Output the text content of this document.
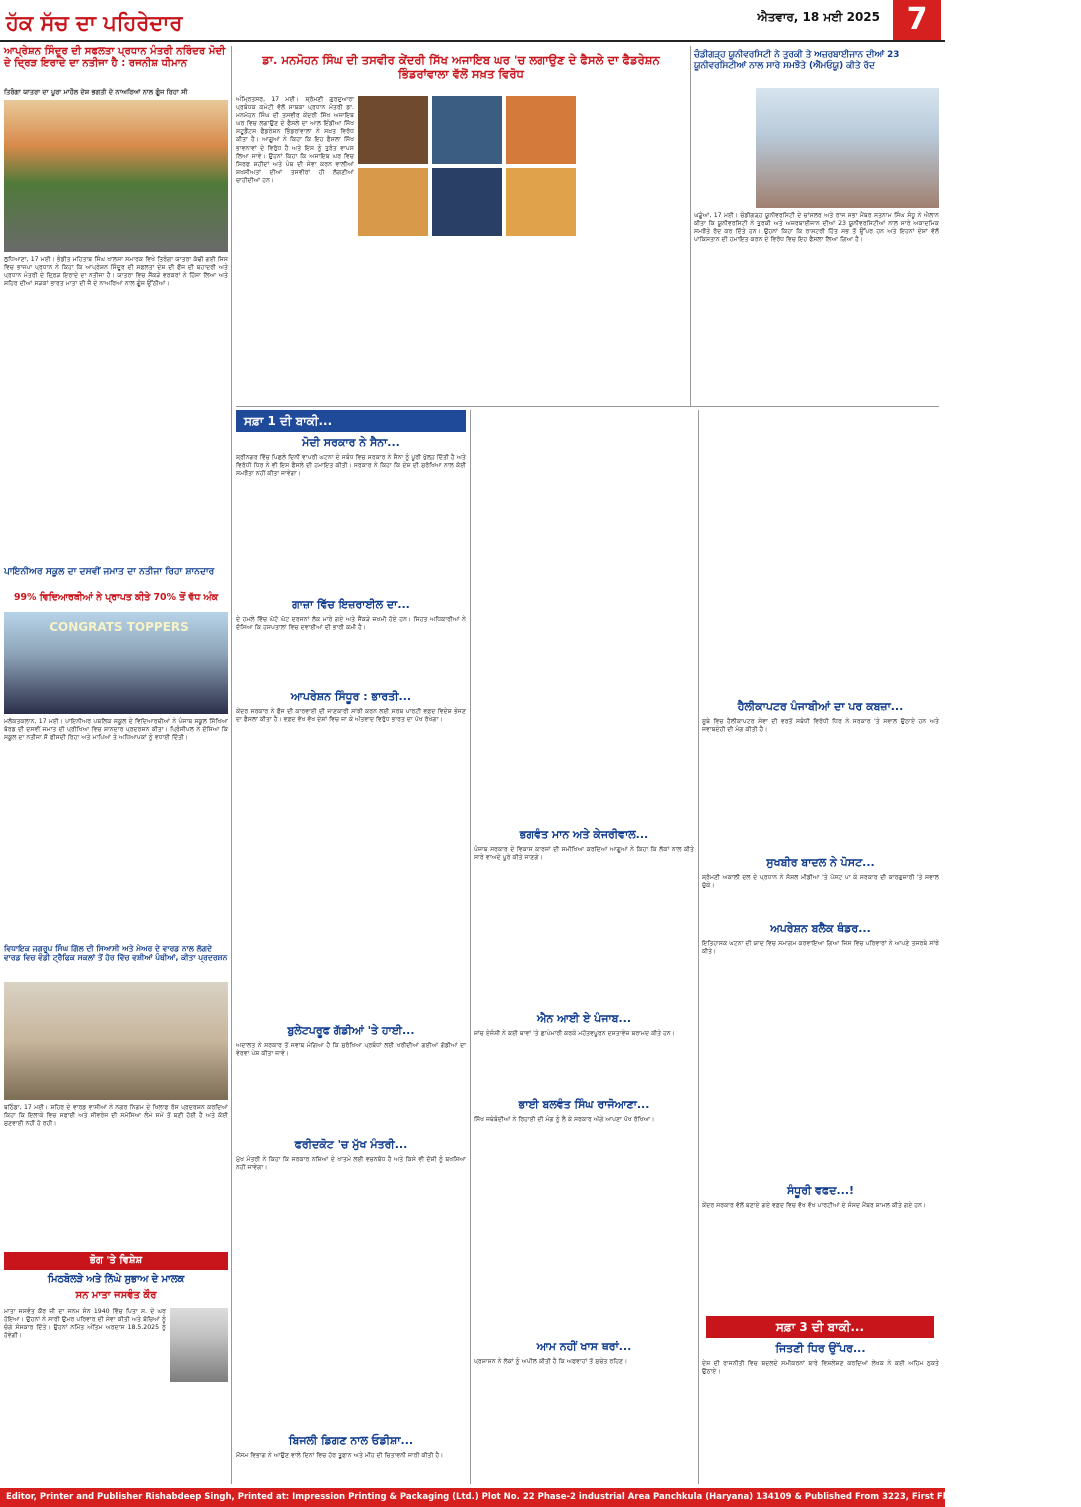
ਹੱਕ ਸੱਚ ਦਾ ਪਹਿਰੇਦਾਰ	ਐਤਵਾਰ, 18 ਮਈ 2025 7
ਆਪ੍ਰੇਸ਼ਨ ਸਿੰਦੂਰ ਦੀ ਸਫਲਤਾ ਪ੍ਰਧਾਨ ਮੰਤਰੀ ਨਰਿੰਦਰ ਮੋਦੀ ਦੇ ਦ੍ਰਿੜ ਇਰਾਦੇ ਦਾ ਨਤੀਜਾ ਹੈ : ਰਜਨੀਸ਼ ਧੀਮਾਨ
ਤਿਰੰਗਾ ਯਾਤਰਾ ਦਾ ਪੂਰਾ ਮਾਹੌਲ ਦੇਸ਼ ਭਗਤੀ ਦੇ ਨਾਅਰਿਆਂ ਨਾਲ ਗੂੰਜ ਰਿਹਾ ਸੀ
ਲੁਧਿਆਣਾ, 17 ਮਈ। ਭੰਡੀਤ ਮਹਿਤਾਬ ਸਿੰਘ ਖਾਲਸਾ ਸਮਾਰਕ ਵਿਖੇ ਤਿਰੰਗਾ ਯਾਤਰਾ ਕੱਢੀ ਗਈ ਜਿਸ ਵਿਚ ਭਾਜਪਾ ਪ੍ਰਧਾਨ ਨੇ ਕਿਹਾ ਕਿ ਆਪ੍ਰੇਸ਼ਨ ਸਿੰਦੂਰ ਦੀ ਸਫਲਤਾ ਦੇਸ਼ ਦੀ ਫੌਜ ਦੀ ਬਹਾਦਰੀ ਅਤੇ ਪ੍ਰਧਾਨ ਮੰਤਰੀ ਦੇ ਦ੍ਰਿੜ ਇਰਾਦੇ ਦਾ ਨਤੀਜਾ ਹੈ। ਯਾਤਰਾ ਵਿਚ ਸੈਂਕੜੇ ਵਰਕਰਾਂ ਨੇ ਹਿੱਸਾ ਲਿਆ ਅਤੇ ਸ਼ਹਿਰ ਦੀਆਂ ਸੜਕਾਂ ਭਾਰਤ ਮਾਤਾ ਦੀ ਜੈ ਦੇ ਨਾਅਰਿਆਂ ਨਾਲ ਗੂੰਜ ਉੱਠੀਆਂ।
ਪਾਇਨੀਅਰ ਸਕੂਲ ਦਾ ਦਸਵੀਂ ਜਮਾਤ ਦਾ ਨਤੀਜਾ ਰਿਹਾ ਸ਼ਾਨਦਾਰ
99% ਵਿਦਿਆਰਥੀਆਂ ਨੇ ਪ੍ਰਾਪਤ ਕੀਤੇ 70% ਤੋਂ ਵੱਧ ਅੰਕ
CONGRATS TOPPERS
ਮਲੋਕਤਕਲਾਨ, 17 ਮਈ। ਪਾਇਨੀਅਰ ਪਬਲਿਕ ਸਕੂਲ ਦੇ ਵਿਦਿਆਰਥੀਆਂ ਨੇ ਪੰਜਾਬ ਸਕੂਲ ਸਿੱਖਿਆ ਬੋਰਡ ਦੀ ਦਸਵੀਂ ਜਮਾਤ ਦੀ ਪ੍ਰੀਖਿਆ ਵਿਚ ਸ਼ਾਨਦਾਰ ਪ੍ਰਦਰਸ਼ਨ ਕੀਤਾ। ਪ੍ਰਿੰਸੀਪਲ ਨੇ ਦੱਸਿਆ ਕਿ ਸਕੂਲ ਦਾ ਨਤੀਜਾ ਸੌ ਫੀਸਦੀ ਰਿਹਾ ਅਤੇ ਮਾਪਿਆਂ ਤੇ ਅਧਿਆਪਕਾਂ ਨੂੰ ਵਧਾਈ ਦਿੱਤੀ।
ਵਿਧਾਇਕ ਜਗਰੂਪ ਸਿੰਘ ਗਿੱਲ ਦੀ ਸਿਆਸੀ ਅਤੇ ਮੇਅਰ ਦੇ ਵਾਰਡ ਨਾਲ ਲੱਗਦੇ ਵਾਰਡ ਵਿਚ ਵੰਡੀ ਟ੍ਰੈਫਿਕ ਸਕਲਾਂ ਤੋਂ ਹੋਰ ਵਿੱਚ ਵਸ਼ੀਆਂ ਪੰਥੀਆਂ, ਕੀਤਾ ਪ੍ਰਦਰਸ਼ਨ
ਬਠਿੰਡਾ, 17 ਮਈ। ਸ਼ਹਿਰ ਦੇ ਵਾਰਡ ਵਾਸੀਆਂ ਨੇ ਨਗਰ ਨਿਗਮ ਦੇ ਖਿਲਾਫ ਰੋਸ ਪ੍ਰਦਰਸ਼ਨ ਕਰਦਿਆਂ ਕਿਹਾ ਕਿ ਇਲਾਕੇ ਵਿਚ ਸਫਾਈ ਅਤੇ ਸੀਵਰੇਜ ਦੀ ਸਮੱਸਿਆ ਲੰਮੇ ਸਮੇਂ ਤੋਂ ਬਣੀ ਹੋਈ ਹੈ ਅਤੇ ਕੋਈ ਸੁਣਵਾਈ ਨਹੀਂ ਹੋ ਰਹੀ।
ਭੋਗ 'ਤੇ ਵਿਸ਼ੇਸ਼
ਮਿਠਬੋਲੜੇ ਅਤੇ ਨਿੱਘੇ ਸੁਭਾਅ ਦੇ ਮਾਲਕ
ਸਨ ਮਾਤਾ ਜਸਵੰਤ ਕੌਰ
ਮਾਤਾ ਜਸਵੰਤ ਕੌਰ ਜੀ ਦਾ ਜਨਮ ਸੰਨ 1940 ਵਿੱਚ ਪਿਤਾ ਸ. ਦੇ ਘਰ ਹੋਇਆ। ਉਹਨਾਂ ਨੇ ਸਾਰੀ ਉਮਰ ਪਰਿਵਾਰ ਦੀ ਸੇਵਾ ਕੀਤੀ ਅਤੇ ਬੱਚਿਆਂ ਨੂੰ ਚੰਗੇ ਸੰਸਕਾਰ ਦਿੱਤੇ। ਉਹਨਾਂ ਨਮਿੱਤ ਅੰਤਿਮ ਅਰਦਾਸ 18.5.2025 ਨੂੰ ਹੋਵੇਗੀ।
ਡਾ. ਮਨਮੋਹਨ ਸਿੰਘ ਦੀ ਤਸਵੀਰ ਕੇਂਦਰੀ ਸਿੱਖ ਅਜਾਇਬ ਘਰ 'ਚ ਲਗਾਉਣ ਦੇ ਫੈਸਲੇ ਦਾ ਫੈਡਰੇਸ਼ਨ ਭਿੰਡਰਾਂਵਾਲਾ ਵੱਲੋਂ ਸਖ਼ਤ ਵਿਰੋਧ
ਅੰਮ੍ਰਿਤਸਰ, 17 ਮਈ। ਸ਼੍ਰੋਮਣੀ ਗੁਰਦੁਆਰਾ ਪ੍ਰਬੰਧਕ ਕਮੇਟੀ ਵੱਲੋਂ ਸਾਬਕਾ ਪ੍ਰਧਾਨ ਮੰਤਰੀ ਡਾ. ਮਨਮੋਹਨ ਸਿੰਘ ਦੀ ਤਸਵੀਰ ਕੇਂਦਰੀ ਸਿੱਖ ਅਜਾਇਬ ਘਰ ਵਿਚ ਲਗਾਉਣ ਦੇ ਫੈਸਲੇ ਦਾ ਆਲ ਇੰਡੀਆ ਸਿੱਖ ਸਟੂਡੈਂਟਸ ਫੈਡਰੇਸ਼ਨ ਭਿੰਡਰਾਂਵਾਲਾ ਨੇ ਸਖ਼ਤ ਵਿਰੋਧ ਕੀਤਾ ਹੈ। ਆਗੂਆਂ ਨੇ ਕਿਹਾ ਕਿ ਇਹ ਫੈਸਲਾ ਸਿੱਖ ਭਾਵਨਾਵਾਂ ਦੇ ਵਿਰੁੱਧ ਹੈ ਅਤੇ ਇਸ ਨੂੰ ਤੁਰੰਤ ਵਾਪਸ ਲਿਆ ਜਾਵੇ। ਉਹਨਾਂ ਕਿਹਾ ਕਿ ਅਜਾਇਬ ਘਰ ਵਿਚ ਸਿਰਫ ਸ਼ਹੀਦਾਂ ਅਤੇ ਪੰਥ ਦੀ ਸੇਵਾ ਕਰਨ ਵਾਲੀਆਂ ਸ਼ਖਸੀਅਤਾਂ ਦੀਆਂ ਤਸਵੀਰਾਂ ਹੀ ਲੱਗਣੀਆਂ ਚਾਹੀਦੀਆਂ ਹਨ।
ਚੰਡੀਗੜ੍ਹ ਯੂਨੀਵਰਸਿਟੀ ਨੇ ਤੁਰਕੀ ਤੇ ਅਜ਼ਰਬਾਈਜਾਨ ਦੀਆਂ 23 ਯੂਨੀਵਰਸਿਟੀਆਂ ਨਾਲ ਸਾਰੇ ਸਮਝੌਤੇ (ਐੱਮਓਯੂ) ਕੀਤੇ ਰੱਦ
ਘੜੂੰਆਂ, 17 ਮਈ। ਚੰਡੀਗੜ੍ਹ ਯੂਨੀਵਰਸਿਟੀ ਦੇ ਚਾਂਸਲਰ ਅਤੇ ਰਾਜ ਸਭਾ ਮੈਂਬਰ ਸਤਨਾਮ ਸਿੰਘ ਸੰਧੂ ਨੇ ਐਲਾਨ ਕੀਤਾ ਕਿ ਯੂਨੀਵਰਸਿਟੀ ਨੇ ਤੁਰਕੀ ਅਤੇ ਅਜ਼ਰਬਾਈਜਾਨ ਦੀਆਂ 23 ਯੂਨੀਵਰਸਿਟੀਆਂ ਨਾਲ ਸਾਰੇ ਅਕਾਦਮਿਕ ਸਮਝੌਤੇ ਰੱਦ ਕਰ ਦਿੱਤੇ ਹਨ। ਉਹਨਾਂ ਕਿਹਾ ਕਿ ਰਾਸ਼ਟਰੀ ਹਿੱਤ ਸਭ ਤੋਂ ਉੱਪਰ ਹਨ ਅਤੇ ਇਹਨਾਂ ਦੇਸ਼ਾਂ ਵੱਲੋਂ ਪਾਕਿਸਤਾਨ ਦੀ ਹਮਾਇਤ ਕਰਨ ਦੇ ਵਿਰੋਧ ਵਿਚ ਇਹ ਫੈਸਲਾ ਲਿਆ ਗਿਆ ਹੈ।
ਸਫ਼ਾ 1 ਦੀ ਬਾਕੀ...
ਮੋਦੀ ਸਰਕਾਰ ਨੇ ਸੈਨਾ...
ਸ਼੍ਰੀਨਗਰ ਵਿੱਚ ਪਿਛਲੇ ਦਿਨੀਂ ਵਾਪਰੀ ਘਟਨਾ ਦੇ ਸਬੰਧ ਵਿਚ ਸਰਕਾਰ ਨੇ ਸੈਨਾ ਨੂੰ ਪੂਰੀ ਖੁੱਲ੍ਹ ਦਿੱਤੀ ਹੈ ਅਤੇ ਵਿਰੋਧੀ ਧਿਰ ਨੇ ਵੀ ਇਸ ਫੈਸਲੇ ਦੀ ਹਮਾਇਤ ਕੀਤੀ। ਸਰਕਾਰ ਨੇ ਕਿਹਾ ਕਿ ਦੇਸ਼ ਦੀ ਸੁਰੱਖਿਆ ਨਾਲ ਕੋਈ ਸਮਝੌਤਾ ਨਹੀਂ ਕੀਤਾ ਜਾਵੇਗਾ।
ਗਾਜ਼ਾ ਵਿੱਚ ਇਜ਼ਰਾਈਲ ਦਾ...
ਦੇ ਹਮਲੇ ਵਿੱਚ ਘੱਟੋ ਘੱਟ ਦਰਜਨਾਂ ਲੋਕ ਮਾਰੇ ਗਏ ਅਤੇ ਸੈਂਕੜੇ ਜ਼ਖਮੀ ਹੋਏ ਹਨ। ਸਿਹਤ ਅਧਿਕਾਰੀਆਂ ਨੇ ਦੱਸਿਆ ਕਿ ਹਸਪਤਾਲਾਂ ਵਿਚ ਦਵਾਈਆਂ ਦੀ ਭਾਰੀ ਕਮੀ ਹੈ।
ਆਪਰੇਸ਼ਨ ਸਿੰਧੂਰ : ਭਾਰਤੀ...
ਕੇਂਦਰ ਸਰਕਾਰ ਨੇ ਫੌਜ ਦੀ ਕਾਰਵਾਈ ਦੀ ਜਾਣਕਾਰੀ ਸਾਂਝੀ ਕਰਨ ਲਈ ਸਰਬ ਪਾਰਟੀ ਵਫ਼ਦ ਵਿਦੇਸ਼ ਭੇਜਣ ਦਾ ਫੈਸਲਾ ਕੀਤਾ ਹੈ। ਵਫ਼ਦ ਵੱਖ ਵੱਖ ਦੇਸ਼ਾਂ ਵਿਚ ਜਾ ਕੇ ਅੱਤਵਾਦ ਵਿਰੁੱਧ ਭਾਰਤ ਦਾ ਪੱਖ ਰੱਖੇਗਾ।
ਬੁਲੇਟਪਰੂਫ ਗੱਡੀਆਂ 'ਤੇ ਹਾਈ...
ਅਦਾਲਤ ਨੇ ਸਰਕਾਰ ਤੋਂ ਜਵਾਬ ਮੰਗਿਆ ਹੈ ਕਿ ਸੁਰੱਖਿਆ ਪ੍ਰਬੰਧਾਂ ਲਈ ਖਰੀਦੀਆਂ ਗਈਆਂ ਗੱਡੀਆਂ ਦਾ ਵੇਰਵਾ ਪੇਸ਼ ਕੀਤਾ ਜਾਵੇ।
ਫਰੀਦਕੋਟ 'ਚ ਮੁੱਖ ਮੰਤਰੀ...
ਮੁੱਖ ਮੰਤਰੀ ਨੇ ਕਿਹਾ ਕਿ ਸਰਕਾਰ ਨਸ਼ਿਆਂ ਦੇ ਖਾਤਮੇ ਲਈ ਵਚਨਬੱਧ ਹੈ ਅਤੇ ਕਿਸੇ ਵੀ ਦੋਸ਼ੀ ਨੂੰ ਬਖਸ਼ਿਆ ਨਹੀਂ ਜਾਵੇਗਾ।
ਬਿਜਲੀ ਡਿਗਣ ਨਾਲ ਓਡੀਸ਼ਾ...
ਮੌਸਮ ਵਿਭਾਗ ਨੇ ਆਉਣ ਵਾਲੇ ਦਿਨਾਂ ਵਿਚ ਹੋਰ ਤੂਫਾਨ ਅਤੇ ਮੀਂਹ ਦੀ ਚਿਤਾਵਨੀ ਜਾਰੀ ਕੀਤੀ ਹੈ।
ਭਗਵੰਤ ਮਾਨ ਅਤੇ ਕੇਜਰੀਵਾਲ...
ਪੰਜਾਬ ਸਰਕਾਰ ਦੇ ਵਿਕਾਸ ਕਾਰਜਾਂ ਦੀ ਸਮੀਖਿਆ ਕਰਦਿਆਂ ਆਗੂਆਂ ਨੇ ਕਿਹਾ ਕਿ ਲੋਕਾਂ ਨਾਲ ਕੀਤੇ ਸਾਰੇ ਵਾਅਦੇ ਪੂਰੇ ਕੀਤੇ ਜਾਣਗੇ।
ਐਨ ਆਈ ਏ ਪੰਜਾਬ...
ਜਾਂਚ ਏਜੰਸੀ ਨੇ ਕਈ ਥਾਵਾਂ 'ਤੇ ਛਾਪੇਮਾਰੀ ਕਰਕੇ ਮਹੱਤਵਪੂਰਨ ਦਸਤਾਵੇਜ਼ ਬਰਾਮਦ ਕੀਤੇ ਹਨ।
ਭਾਈ ਬਲਵੰਤ ਸਿੰਘ ਰਾਜੋਆਣਾ...
ਸਿੱਖ ਜਥੇਬੰਦੀਆਂ ਨੇ ਰਿਹਾਈ ਦੀ ਮੰਗ ਨੂੰ ਲੈ ਕੇ ਸਰਕਾਰ ਅੱਗੇ ਆਪਣਾ ਪੱਖ ਰੱਖਿਆ।
ਆਮ ਨਹੀਂ ਖਾਸ ਥਰਾਂ...
ਪ੍ਰਸ਼ਾਸਨ ਨੇ ਲੋਕਾਂ ਨੂੰ ਅਪੀਲ ਕੀਤੀ ਹੈ ਕਿ ਅਫਵਾਹਾਂ ਤੋਂ ਸੁਚੇਤ ਰਹਿਣ।
ਹੈਲੀਕਾਪਟਰ ਪੰਜਾਬੀਆਂ ਦਾ ਪਰ ਕਬਜ਼ਾ...
ਸੂਬੇ ਵਿਚ ਹੈਲੀਕਾਪਟਰ ਸੇਵਾ ਦੀ ਵਰਤੋਂ ਸਬੰਧੀ ਵਿਰੋਧੀ ਧਿਰ ਨੇ ਸਰਕਾਰ 'ਤੇ ਸਵਾਲ ਉਠਾਏ ਹਨ ਅਤੇ ਜਵਾਬਦੇਹੀ ਦੀ ਮੰਗ ਕੀਤੀ ਹੈ।
ਸੁਖਬੀਰ ਬਾਦਲ ਨੇ ਪੋਸਟ...
ਸ਼੍ਰੋਮਣੀ ਅਕਾਲੀ ਦਲ ਦੇ ਪ੍ਰਧਾਨ ਨੇ ਸੋਸ਼ਲ ਮੀਡੀਆ 'ਤੇ ਪੋਸਟ ਪਾ ਕੇ ਸਰਕਾਰ ਦੀ ਕਾਰਗੁਜ਼ਾਰੀ 'ਤੇ ਸਵਾਲ ਚੁੱਕੇ।
ਅਪਰੇਸ਼ਨ ਬਲੈਕ ਥੰਡਰ...
ਇਤਿਹਾਸਕ ਘਟਨਾ ਦੀ ਯਾਦ ਵਿਚ ਸਮਾਗਮ ਕਰਵਾਇਆ ਗਿਆ ਜਿਸ ਵਿਚ ਪਰਿਵਾਰਾਂ ਨੇ ਆਪਣੇ ਤਜਰਬੇ ਸਾਂਝੇ ਕੀਤੇ।
ਸੰਧੂਰੀ ਵਫਦ...!
ਕੇਂਦਰ ਸਰਕਾਰ ਵੱਲੋਂ ਬਣਾਏ ਗਏ ਵਫ਼ਦ ਵਿਚ ਵੱਖ ਵੱਖ ਪਾਰਟੀਆਂ ਦੇ ਸੰਸਦ ਮੈਂਬਰ ਸ਼ਾਮਲ ਕੀਤੇ ਗਏ ਹਨ।
ਸਫ਼ਾ 3 ਦੀ ਬਾਕੀ...
ਜਿਤਣੀ ਧਿਰ ਉੱਪਰ...
ਦੇਸ਼ ਦੀ ਰਾਜਨੀਤੀ ਵਿਚ ਬਦਲਦੇ ਸਮੀਕਰਨਾਂ ਬਾਰੇ ਵਿਸ਼ਲੇਸ਼ਣ ਕਰਦਿਆਂ ਲੇਖਕ ਨੇ ਕਈ ਅਹਿਮ ਨੁਕਤੇ ਉਠਾਏ।
Editor, Printer and Publisher Rishabdeep Singh, Printed at: Impression Printing & Packaging (Ltd.) Plot No. 22 Phase-2 industrial Area Panchkula (Haryana) 134109 & Published From 3223, First Floor, Sector-35D, Chandigarh
